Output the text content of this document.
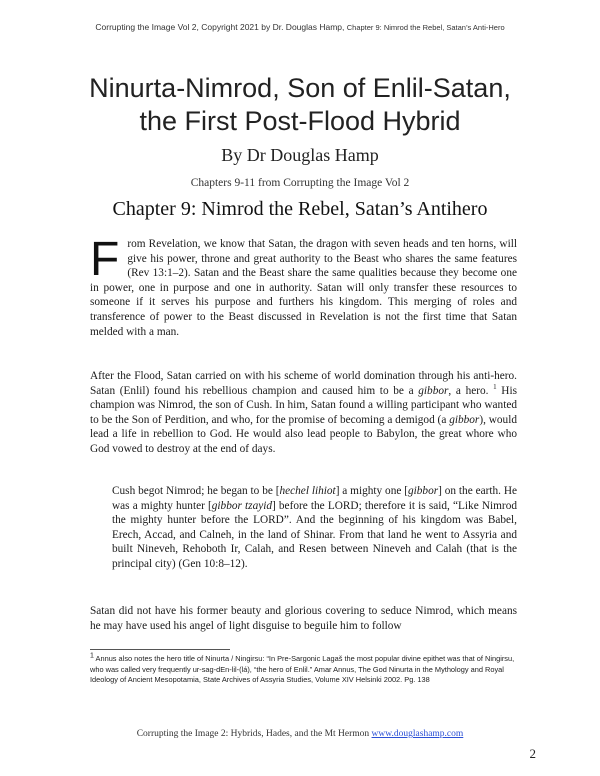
Corrupting the Image Vol 2, Copyright 2021 by Dr. Douglas Hamp, Chapter 9: Nimrod the Rebel, Satan’s Anti-Hero
Ninurta-Nimrod, Son of Enlil-Satan,
the First Post-Flood Hybrid
By Dr Douglas Hamp
Chapters 9-11 from Corrupting the Image Vol 2
Chapter 9: Nimrod the Rebel, Satan’s Antihero

From Revelation, we know that Satan, the dragon with seven heads and ten horns, will give his power, throne and great authority to the Beast who shares the same features (Rev 13:1–2). Satan and the Beast share the same qualities because they become one in power, one in purpose and one in authority. Satan will only transfer these resources to someone if it serves his purpose and furthers his kingdom. This merging of roles and transference of power to the Beast discussed in Revelation is not the first time that Satan melded with a man.

After the Flood, Satan carried on with his scheme of world domination through his anti-hero. Satan (Enlil) found his rebellious champion and caused him to be a gibbor, a hero. $^1$ His champion was Nimrod, the son of Cush. In him, Satan found a willing participant who wanted to be the Son of Perdition, and who, for the promise of becoming a demigod (a gibbor), would lead a life in rebellion to God. He would also lead people to Babylon, the great whore who God vowed to destroy at the end of days.

Cush begot Nimrod; he began to be [hechel lihiot] a mighty one [gibbor] on the earth. He was a mighty hunter [gibbor tzayid] before the LORD; therefore it is said, “Like Nimrod the mighty hunter before the LORD”. And the beginning of his kingdom was Babel, Erech, Accad, and Calneh, in the land of Shinar. From that land he went to Assyria and built Nineveh, Rehoboth Ir, Calah, and Resen between Nineveh and Calah (that is the principal city) (Gen 10:8–12).

Satan did not have his former beauty and glorious covering to seduce Nimrod, which means he may have used his angel of light disguise to beguile him to follow

$^1$ Annus also notes the hero title of Ninurta / Ningirsu: “In Pre-Sargonic Lagaš the most popular divine epithet was that of Ningirsu, who was called very frequently ur-sag-dEn-lil-(lá), “the hero of Enlil.” Amar Annus, The God Ninurta in the Mythology and Royal Ideology of Ancient Mesopotamia, State Archives of Assyria Studies, Volume XIV Helsinki 2002. Pg. 138

Corrupting the Image 2: Hybrids, Hades, and the Mt Hermon www.douglashamp.com
2
